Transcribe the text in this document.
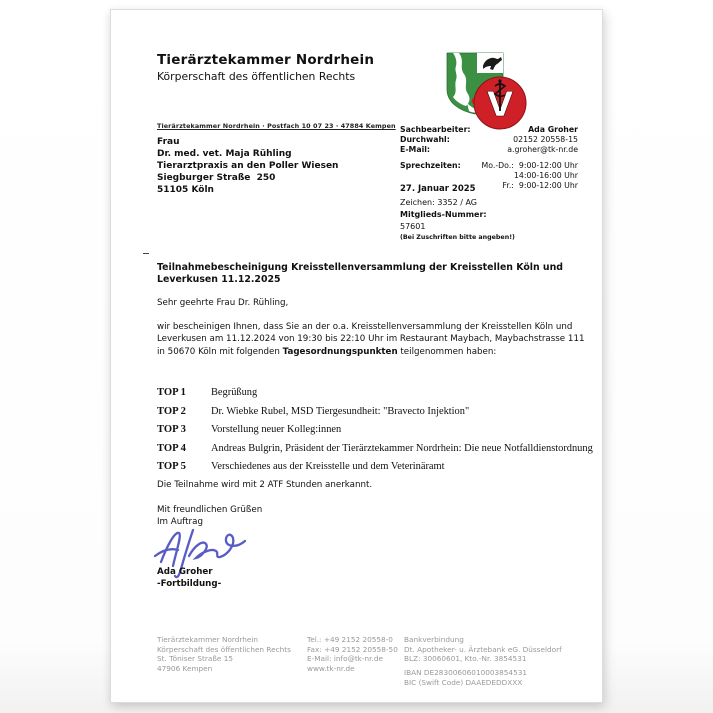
Tierärztekammer Nordrhein
Körperschaft des öffentlichen Rechts
V
Tierärztekammer Nordrhein · Postfach 10 07 23 · 47884 Kempen
Frau
Dr. med. vet. Maja Rühling
Tierarztpraxis an den Poller Wiesen
Siegburger Straße  250
51105 Köln
Sachbearbeiter:	Ada Groher
Durchwahl:	02152 20558-15
E-Mail:	a.groher@tk-nr.de
Sprechzeiten:	Mo.-Do.:  9:00-12:00 Uhr
14:00-16:00 Uhr
Fr.:  9:00-12:00 Uhr
27. Januar 2025
Zeichen: 3352 / AG
Mitglieds-Nummer:
57601
(Bei Zuschriften bitte angeben!)
Teilnahmebescheinigung Kreisstellenversammlung der Kreisstellen Köln und Leverkusen 11.12.2025
Sehr geehrte Frau Dr. Rühling,
wir bescheinigen Ihnen, dass Sie an der o.a. Kreisstellenversammlung der Kreisstellen Köln und Leverkusen am 11.12.2024 von 19:30 bis 22:10 Uhr im Restaurant Maybach, Maybachstrasse 111 in 50670 Köln mit folgenden Tagesordnungspunkten teilgenommen haben:
TOP 1	Begrüßung
TOP 2	Dr. Wiebke Rubel, MSD Tiergesundheit: "Bravecto Injektion"
TOP 3	Vorstellung neuer Kolleg:innen
TOP 4	Andreas Bulgrin, Präsident der Tierärztekammer Nordrhein: Die neue Notfalldienstordnung
TOP 5	Verschiedenes aus der Kreisstelle und dem Veterinäramt
Die Teilnahme wird mit 2 ATF Stunden anerkannt.
Mit freundlichen Grüßen
Im Auftrag
Ada Groher
-Fortbildung-
Tierärztekammer Nordrhein
Körperschaft des öffentlichen Rechts
St. Töniser Straße 15
47906 Kempen
Tel.: +49 2152 20558-0
Fax: +49 2152 20558-50
E-Mail: info@tk-nr.de
www.tk-nr.de
Bankverbindung
Dt. Apotheker- u. Ärztebank eG. Düsseldorf
BLZ: 30060601, Kto.-Nr. 3854531
IBAN DE28300606010003854531
BIC (Swift Code) DAAEDEDDXXX
